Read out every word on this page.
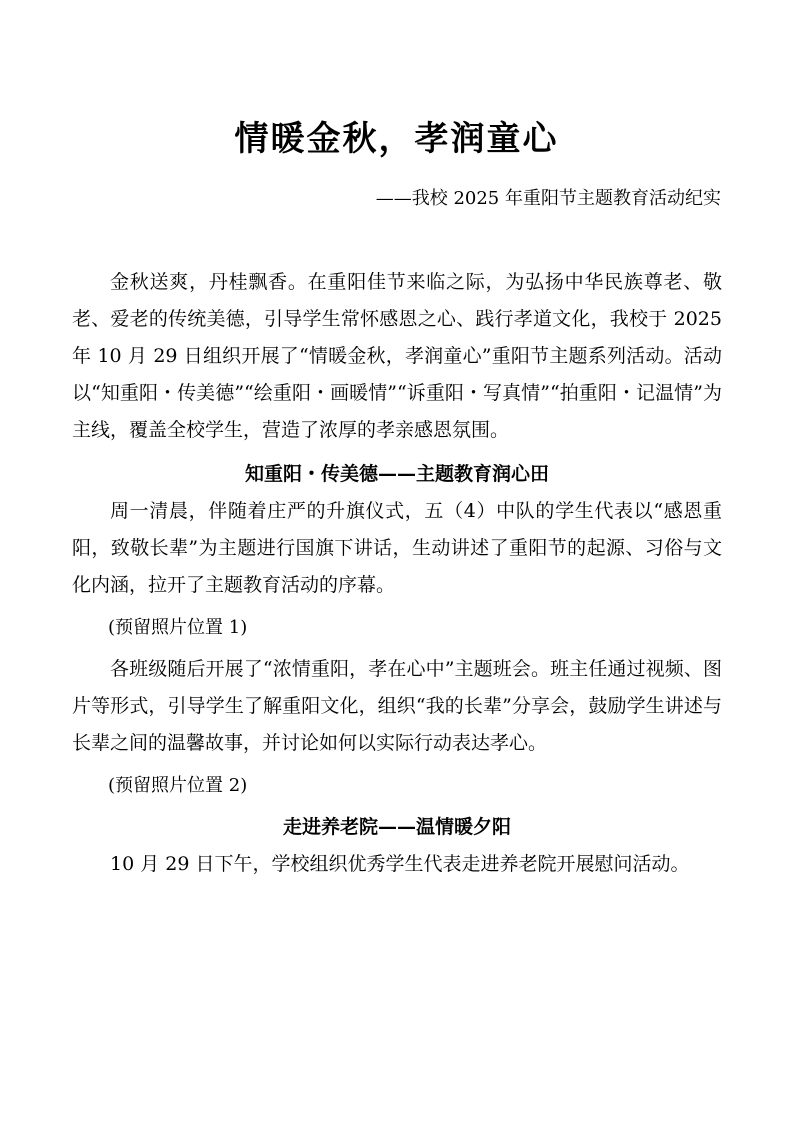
情暖金秋，孝润童心

——我校 2025 年重阳节主题教育活动纪实

金秋送爽，丹桂飘香。在重阳佳节来临之际，为弘扬中华民族尊老、敬老、爱老的传统美德，引导学生常怀感恩之心、践行孝道文化，我校于 2025 年 10 月 29 日组织开展了“情暖金秋，孝润童心”重阳节主题系列活动。活动以“知重阳・传美德”“绘重阳・画暖情”“诉重阳・写真情”“拍重阳・记温情”为主线，覆盖全校学生，营造了浓厚的孝亲感恩氛围。

知重阳・传美德——主题教育润心田

周一清晨，伴随着庄严的升旗仪式，五（4）中队的学生代表以“感恩重阳，致敬长辈”为主题进行国旗下讲话，生动讲述了重阳节的起源、习俗与文化内涵，拉开了主题教育活动的序幕。

(预留照片位置 1)

各班级随后开展了“浓情重阳，孝在心中”主题班会。班主任通过视频、图片等形式，引导学生了解重阳文化，组织“我的长辈”分享会，鼓励学生讲述与长辈之间的温馨故事，并讨论如何以实际行动表达孝心。

(预留照片位置 2)

走进养老院——温情暖夕阳

10 月 29 日下午，学校组织优秀学生代表走进养老院开展慰问活动。
